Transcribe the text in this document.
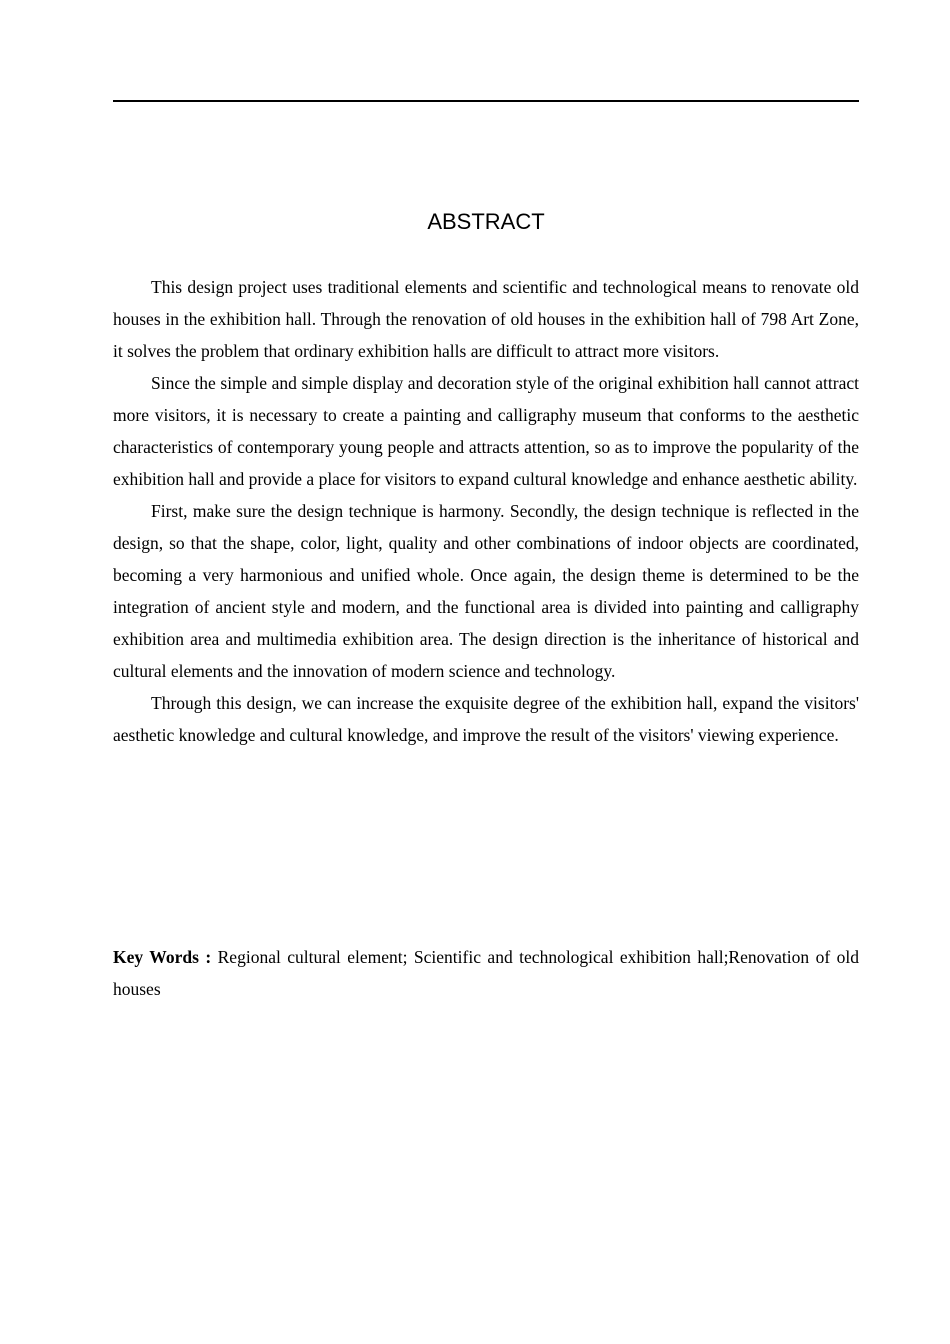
ABSTRACT

This design project uses traditional elements and scientific and technological means to renovate old houses in the exhibition hall. Through the renovation of old houses in the exhibition hall of 798 Art Zone, it solves the problem that ordinary exhibition halls are difficult to attract more visitors.

Since the simple and simple display and decoration style of the original exhibition hall cannot attract more visitors, it is necessary to create a painting and calligraphy museum that conforms to the aesthetic characteristics of contemporary young people and attracts attention, so as to improve the popularity of the exhibition hall and provide a place for visitors to expand cultural knowledge and enhance aesthetic ability.

First, make sure the design technique is harmony. Secondly, the design technique is reflected in the design, so that the shape, color, light, quality and other combinations of indoor objects are coordinated, becoming a very harmonious and unified whole. Once again, the design theme is determined to be the integration of ancient style and modern, and the functional area is divided into painting and calligraphy exhibition area and multimedia exhibition area. The design direction is the inheritance of historical and cultural elements and the innovation of modern science and technology.

Through this design, we can increase the exquisite degree of the exhibition hall, expand the visitors' aesthetic knowledge and cultural knowledge, and improve the result of the visitors' viewing experience.

Key Words : Regional cultural element; Scientific and technological exhibition hall;Renovation of old houses
